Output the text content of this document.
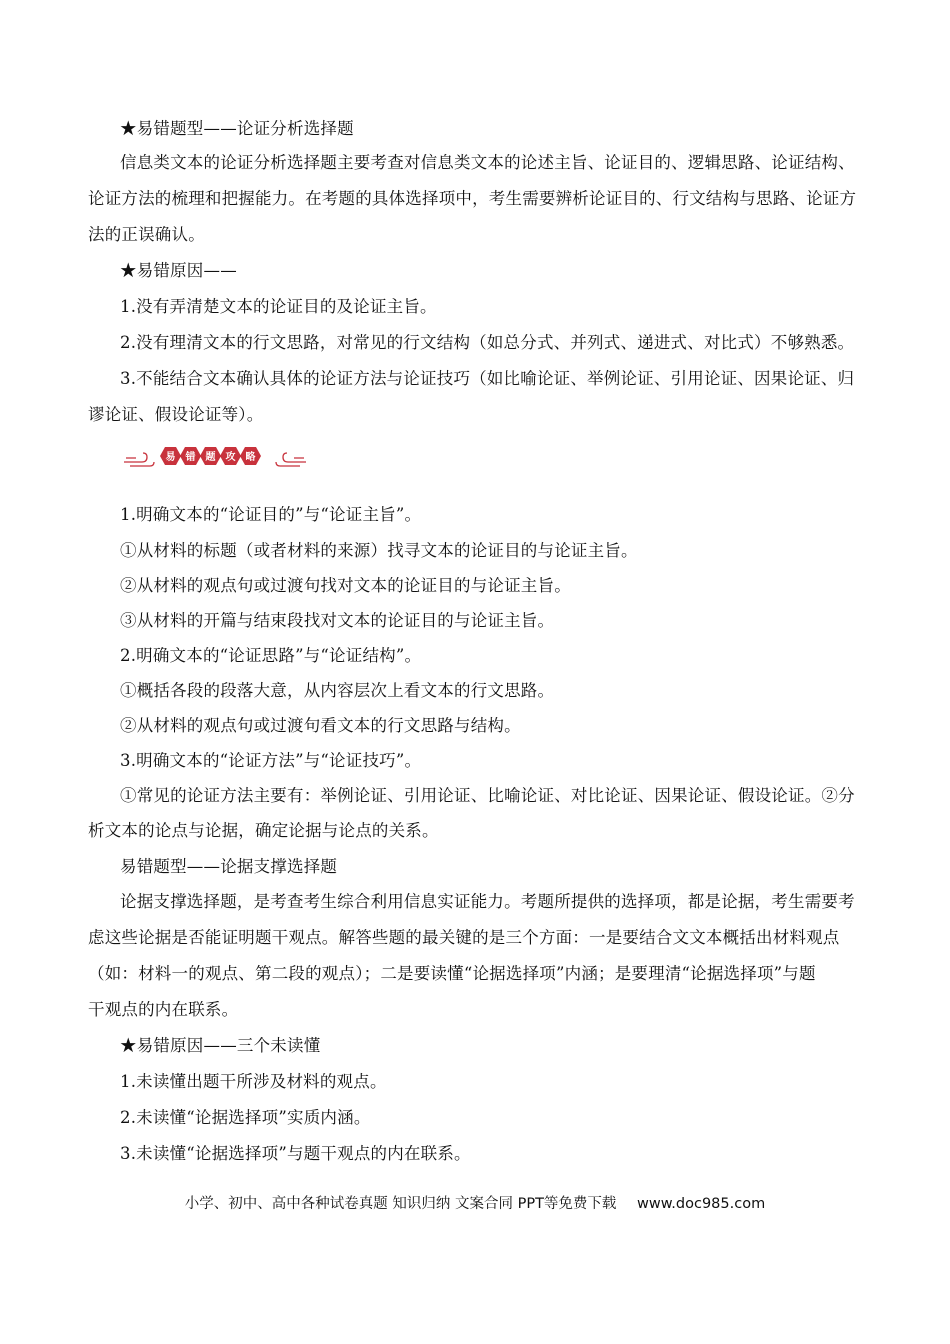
★易错题型——论证分析选择题
信息类文本的论证分析选择题主要考查对信息类文本的论述主旨、论证目的、逻辑思路、论证结构、
论证方法的梳理和把握能力。在考题的具体选择项中，考生需要辨析论证目的、行文结构与思路、论证方
法的正误确认。
★易错原因——
1.没有弄清楚文本的论证目的及论证主旨。
2.没有理清文本的行文思路，对常见的行文结构（如总分式、并列式、递进式、对比式）不够熟悉。
3.不能结合文本确认具体的论证方法与论证技巧（如比喻论证、举例论证、引用论证、因果论证、归
谬论证、假设论证等）。
易 错 题 攻 略
1.明确文本的“论证目的”与“论证主旨”。
①从材料的标题（或者材料的来源）找寻文本的论证目的与论证主旨。
②从材料的观点句或过渡句找对文本的论证目的与论证主旨。
③从材料的开篇与结束段找对文本的论证目的与论证主旨。
2.明确文本的“论证思路”与“论证结构”。
①概括各段的段落大意，从内容层次上看文本的行文思路。
②从材料的观点句或过渡句看文本的行文思路与结构。
3.明确文本的“论证方法”与“论证技巧”。
①常见的论证方法主要有：举例论证、引用论证、比喻论证、对比论证、因果论证、假设论证。②分
析文本的论点与论据，确定论据与论点的关系。
易错题型——论据支撑选择题
论据支撑选择题，是考查考生综合利用信息实证能力。考题所提供的选择项，都是论据，考生需要考
虑这些论据是否能证明题干观点。解答些题的最关键的是三个方面：一是要结合文文本概括出材料观点
（如：材料一的观点、第二段的观点）；二是要读懂“论据选择项”内涵；是要理清“论据选择项”与题
干观点的内在联系。
★易错原因——三个未读懂
1.未读懂出题干所涉及材料的观点。
2.未读懂“论据选择项”实质内涵。
3.未读懂“论据选择项”与题干观点的内在联系。
小学、初中、高中各种试卷真题 知识归纳 文案合同 PPT等免费下载 www.doc985.com
